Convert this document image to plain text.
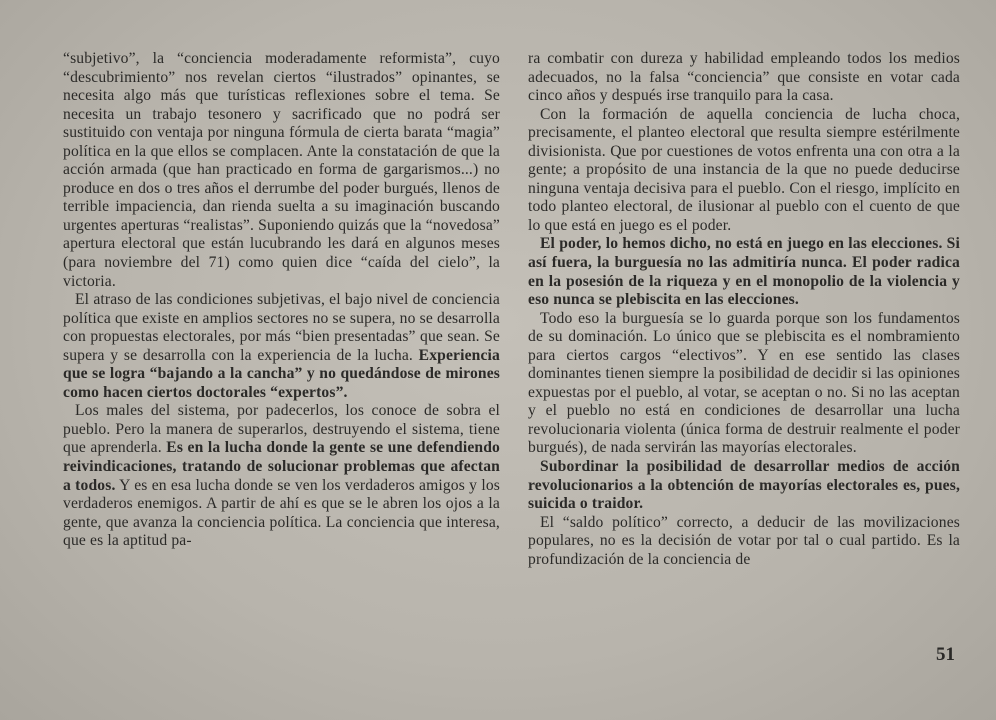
“subjetivo”, la “conciencia moderadamente reformista”, cuyo “descubrimiento” nos revelan ciertos “ilustrados” opinantes, se necesita algo más que turísticas reflexiones sobre el tema. Se necesita un trabajo tesonero y sacrificado que no podrá ser sustituido con ventaja por ninguna fórmula de cierta barata “magia” política en la que ellos se complacen. Ante la constatación de que la acción armada (que han practicado en forma de gargarismos...) no produce en dos o tres años el derrumbe del poder burgués, llenos de terrible impaciencia, dan rienda suelta a su imaginación buscando urgentes aperturas “realistas”. Suponiendo quizás que la “novedosa” apertura electoral que están lucubrando les dará en algunos meses (para noviembre del 71) como quien dice “caída del cielo”, la victoria.

El atraso de las condiciones subjetivas, el bajo nivel de conciencia política que existe en amplios sectores no se supera, no se desarrolla con propuestas electorales, por más “bien presentadas” que sean. Se supera y se desarrolla con la experiencia de la lucha. Experiencia que se logra “bajando a la cancha” y no quedándose de mirones como hacen ciertos doctorales “expertos”.

Los males del sistema, por padecerlos, los conoce de sobra el pueblo. Pero la manera de superarlos, destruyendo el sistema, tiene que aprenderla. Es en la lucha donde la gente se une defendiendo reivindicaciones, tratando de solucionar problemas que afectan a todos. Y es en esa lucha donde se ven los verdaderos amigos y los verdaderos enemigos. A partir de ahí es que se le abren los ojos a la gente, que avanza la conciencia política. La conciencia que interesa, que es la aptitud pa-

ra combatir con dureza y habilidad empleando todos los medios adecuados, no la falsa “conciencia” que consiste en votar cada cinco años y después irse tranquilo para la casa.

Con la formación de aquella conciencia de lucha choca, precisamente, el planteo electoral que resulta siempre estérilmente divisionista. Que por cuestiones de votos enfrenta una con otra a la gente; a propósito de una instancia de la que no puede deducirse ninguna ventaja decisiva para el pueblo. Con el riesgo, implícito en todo planteo electoral, de ilusionar al pueblo con el cuento de que lo que está en juego es el poder.

El poder, lo hemos dicho, no está en juego en las elecciones. Si así fuera, la burguesía no las admitiría nunca. El poder radica en la posesión de la riqueza y en el monopolio de la violencia y eso nunca se plebiscita en las elecciones.

Todo eso la burguesía se lo guarda porque son los fundamentos de su dominación. Lo único que se plebiscita es el nombramiento para ciertos cargos “electivos”. Y en ese sentido las clases dominantes tienen siempre la posibilidad de decidir si las opiniones expuestas por el pueblo, al votar, se aceptan o no. Si no las aceptan y el pueblo no está en condiciones de desarrollar una lucha revolucionaria violenta (única forma de destruir realmente el poder burgués), de nada servirán las mayorías electorales.

Subordinar la posibilidad de desarrollar medios de acción revolucionarios a la obtención de mayorías electorales es, pues, suicida o traidor.

El “saldo político” correcto, a deducir de las movilizaciones populares, no es la decisión de votar por tal o cual partido. Es la profundización de la conciencia de

51
